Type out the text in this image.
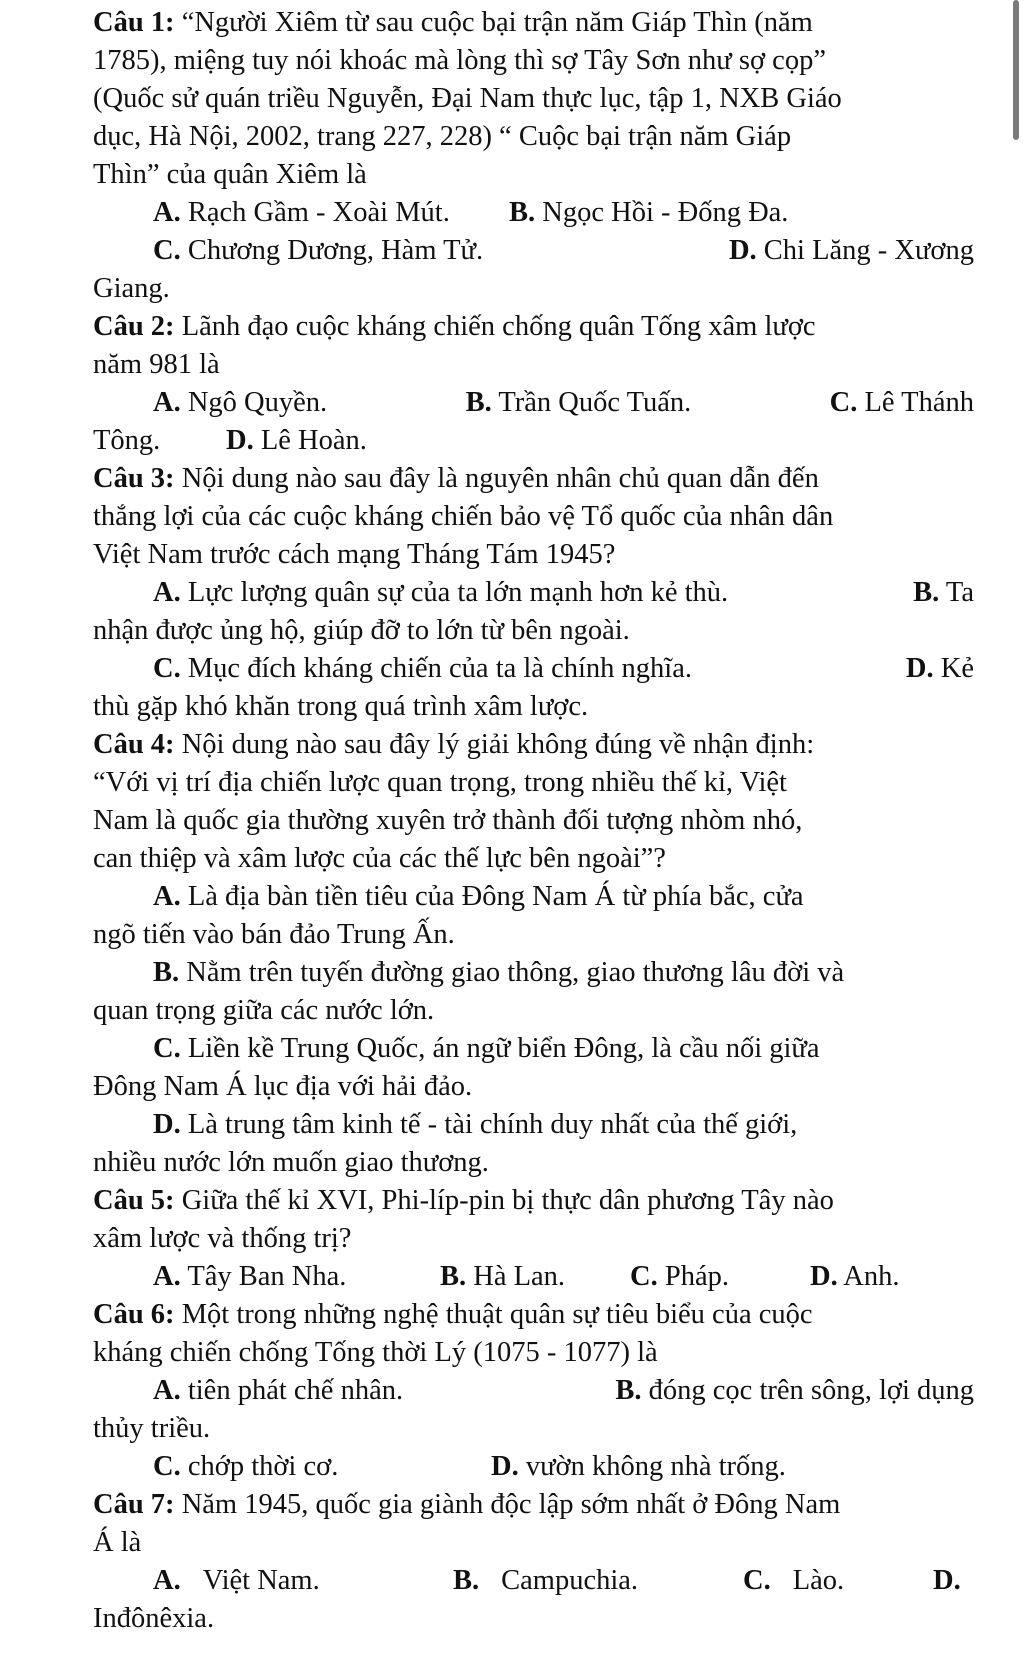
Câu 1: “Người Xiêm từ sau cuộc bại trận năm Giáp Thìn (năm
1785), miệng tuy nói khoác mà lòng thì sợ Tây Sơn như sợ cọp”
(Quốc sử quán triều Nguyễn, Đại Nam thực lục, tập 1, NXB Giáo
dục, Hà Nội, 2002, trang 227, 228) “ Cuộc bại trận năm Giáp
Thìn” của quân Xiêm là
A. Rạch Gầm - Xoài Mút.	B. Ngọc Hồi - Đống Đa.
C. Chương Dương, Hàm Tử.	D. Chi Lăng - Xương
Giang.
Câu 2: Lãnh đạo cuộc kháng chiến chống quân Tống xâm lược
năm 981 là
A. Ngô Quyền.	B. Trần Quốc Tuấn.	C. Lê Thánh
Tông.	D. Lê Hoàn.
Câu 3: Nội dung nào sau đây là nguyên nhân chủ quan dẫn đến
thắng lợi của các cuộc kháng chiến bảo vệ Tổ quốc của nhân dân
Việt Nam trước cách mạng Tháng Tám 1945?
A. Lực lượng quân sự của ta lớn mạnh hơn kẻ thù.	B. Ta
nhận được ủng hộ, giúp đỡ to lớn từ bên ngoài.
C. Mục đích kháng chiến của ta là chính nghĩa.	D. Kẻ
thù gặp khó khăn trong quá trình xâm lược.
Câu 4: Nội dung nào sau đây lý giải không đúng về nhận định:
“Với vị trí địa chiến lược quan trọng, trong nhiều thế kỉ, Việt
Nam là quốc gia thường xuyên trở thành đối tượng nhòm nhó,
can thiệp và xâm lược của các thế lực bên ngoài”?
A. Là địa bàn tiền tiêu của Đông Nam Á từ phía bắc, cửa
ngõ tiến vào bán đảo Trung Ấn.
B. Nằm trên tuyến đường giao thông, giao thương lâu đời và
quan trọng giữa các nước lớn.
C. Liền kề Trung Quốc, án ngữ biển Đông, là cầu nối giữa
Đông Nam Á lục địa với hải đảo.
D. Là trung tâm kinh tế - tài chính duy nhất của thế giới,
nhiều nước lớn muốn giao thương.
Câu 5: Giữa thế kỉ XVI, Phi-líp-pin bị thực dân phương Tây nào
xâm lược và thống trị?
A. Tây Ban Nha.	B. Hà Lan.	C. Pháp.	D. Anh.
Câu 6: Một trong những nghệ thuật quân sự tiêu biểu của cuộc
kháng chiến chống Tống thời Lý (1075 - 1077) là
A. tiên phát chế nhân.	B. đóng cọc trên sông, lợi dụng
thủy triều.
C. chớp thời cơ.	D. vườn không nhà trống.
Câu 7: Năm 1945, quốc gia giành độc lập sớm nhất ở Đông Nam
Á là
A. Việt Nam.	B. Campuchia.	C. Lào.	D.
Inđônêxia.
